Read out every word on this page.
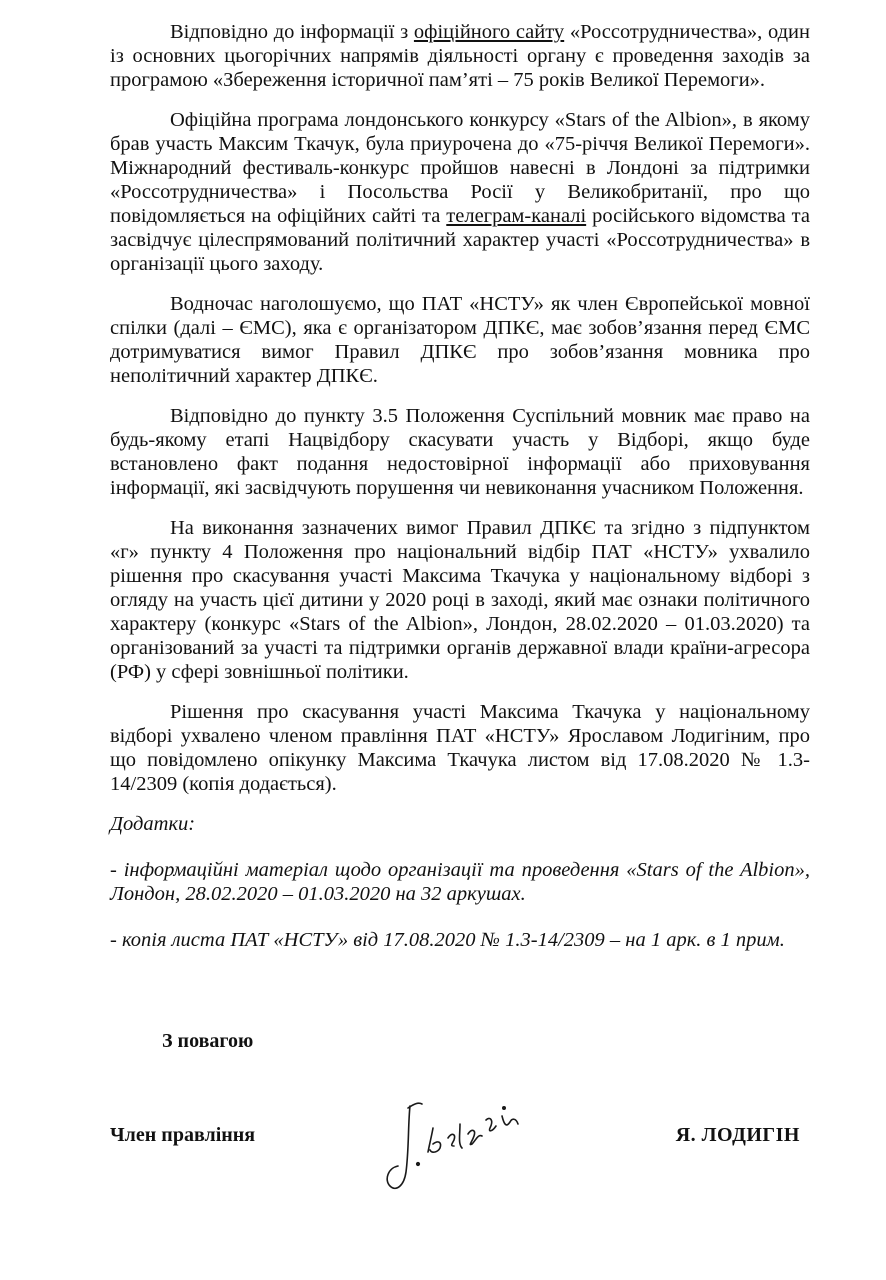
Відповідно до інформації з офіційного сайту «Россотрудничества», один із основних цьогорічних напрямів діяльності органу є проведення заходів за програмою «Збереження історичної пам’яті – 75 років Великої Перемоги».

Офіційна програма лондонського конкурсу «Stars of the Albion», в якому брав участь Максим Ткачук, була приурочена до «75-річчя Великої Перемоги». Міжнародний фестиваль-конкурс пройшов навесні в Лондоні за підтримки «Россотрудничества» і Посольства Росії у Великобританії, про що повідомляється на офіційних сайті та телеграм-каналі російського відомства та засвідчує цілеспрямований політичний характер участі «Россотрудничества» в організації цього заходу.

Водночас наголошуємо, що ПАТ «НСТУ» як член Європейської мовної спілки (далі – ЄМС), яка є організатором ДПКЄ, має зобов’язання перед ЄМС дотримуватися вимог Правил ДПКЄ про зобов’язання мовника про неполітичний характер ДПКЄ.

Відповідно до пункту 3.5 Положення Суспільний мовник має право на будь-якому етапі Нацвідбору скасувати участь у Відборі, якщо буде встановлено факт подання недостовірної інформації або приховування інформації, які засвідчують порушення чи невиконання учасником Положення.

На виконання зазначених вимог Правил ДПКЄ та згідно з підпунктом «г» пункту 4 Положення про національний відбір ПАТ «НСТУ» ухвалило рішення про скасування участі Максима Ткачука у національному відборі з огляду на участь цієї дитини у 2020 році в заході, який має ознаки політичного характеру (конкурс «Stars of the Albion», Лондон, 28.02.2020 – 01.03.2020) та організований за участі та підтримки органів державної влади країни-агресора (РФ) у сфері зовнішньої політики.

Рішення про скасування участі Максима Ткачука у національному відборі ухвалено членом правління ПАТ «НСТУ» Ярославом Лодигіним, про що повідомлено опікунку Максима Ткачука листом від 17.08.2020 № 1.3-14/2309 (копія додається).

Додатки:

- інформаційні матеріал щодо організації та проведення «Stars of the Albion», Лондон, 28.02.2020 – 01.03.2020 на 32 аркушах.

- копія листа ПАТ «НСТУ» від 17.08.2020 № 1.3-14/2309 – на 1 арк. в 1 прим.

З повагою
Член правління	Я. ЛОДИГІН
